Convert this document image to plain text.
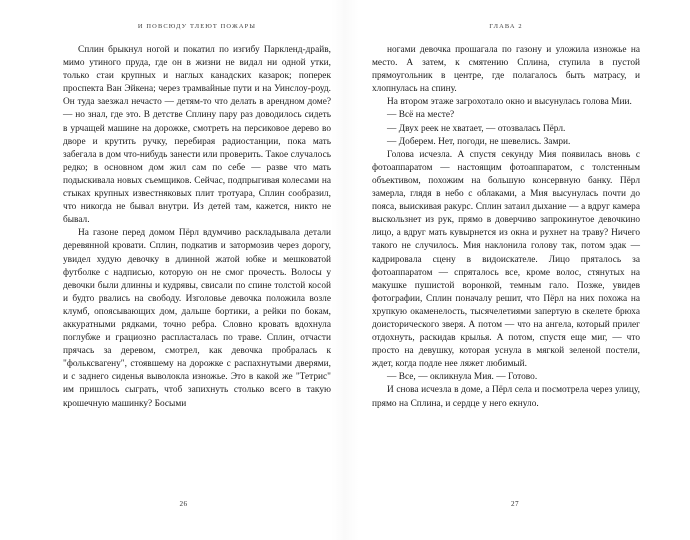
И ПОВСЮДУ ТЛЕЮТ ПОЖАРЫ

Сплин брыкнул ногой и покатил по изгибу Паркленд-драйв, мимо утиного пруда, где он в жизни не видал ни одной утки, только стаи крупных и наглых канадских казарок; поперек проспекта Ван Эйкена; через трамвайные пути и на Уинслоу-роуд. Он туда заезжал нечасто — детям-то что делать в арендном доме? — но знал, где это. В детстве Сплину пару раз доводилось сидеть в урчащей машине на дорожке, смотреть на персиковое дерево во дворе и крутить ручку, перебирая радиостанции, пока мать забегала в дом что-нибудь занести или проверить. Такое случалось редко; в основном дом жил сам по себе — разве что мать подыскивала новых съемщиков. Сейчас, подпрыгивая колесами на стыках крупных известняковых плит тротуара, Сплин сообразил, что никогда не бывал внутри. Из детей там, кажется, никто не бывал.

На газоне перед домом Пёрл вдумчиво раскладывала детали деревянной кровати. Сплин, подкатив и затормозив через дорогу, увидел худую девочку в длинной жатой юбке и мешковатой футболке с надписью, которую он не смог прочесть. Волосы у девочки были длинны и кудрявы, свисали по спине толстой косой и будто рвались на свободу. Изголовье девочка положила возле клумб, опоясывающих дом, дальше бортики, а рейки по бокам, аккуратными рядками, точно ребра. Словно кровать вдохнула поглубже и грациозно распласталась по траве. Сплин, отчасти прячась за деревом, смотрел, как девочка пробралась к "фольксвагену", стоявшему на дорожке с распахнутыми дверями, и с заднего сиденья выволокла изножье. Это в какой же "Тетрис" им пришлось сыграть, чтоб запихнуть столько всего в такую крошечную машинку? Босыми

26
ГЛАВА 2

ногами девочка прошагала по газону и уложила изножье на место. А затем, к смятению Сплина, ступила в пустой прямоугольник в центре, где полагалось быть матрасу, и хлопнулась на спину.

На втором этаже загрохотало окно и высунулась голова Мии.

— Всё на месте?

— Двух реек не хватает, — отозвалась Пёрл.

— Доберем. Нет, погоди, не шевелись. Замри.

Голова исчезла. А спустя секунду Мия появилась вновь с фотоаппаратом — настоящим фотоаппаратом, с толстенным объективом, похожим на большую консервную банку. Пёрл замерла, глядя в небо с облаками, а Мия высунулась почти до пояса, выискивая ракурс. Сплин затаил дыхание — а вдруг камера выскользнет из рук, прямо в доверчиво запрокинутое девочкино лицо, а вдруг мать кувырнется из окна и рухнет на траву? Ничего такого не случилось. Мия наклонила голову так, потом эдак — кадрировала сцену в видоискателе. Лицо пряталось за фотоаппаратом — спряталось все, кроме волос, стянутых на макушке пушистой воронкой, темным гало. Позже, увидев фотографии, Сплин поначалу решит, что Пёрл на них похожа на хрупкую окаменелость, тысячелетиями запертую в скелете брюха доисторического зверя. А потом — что на ангела, который прилег отдохнуть, раскидав крылья. А потом, спустя еще миг, — что просто на девушку, которая уснула в мягкой зеленой постели, ждет, когда подле нее ляжет любимый.

— Все, — окликнула Мия. — Готово.

И снова исчезла в доме, а Пёрл села и посмотрела через улицу, прямо на Сплина, и сердце у него екнуло.

27
